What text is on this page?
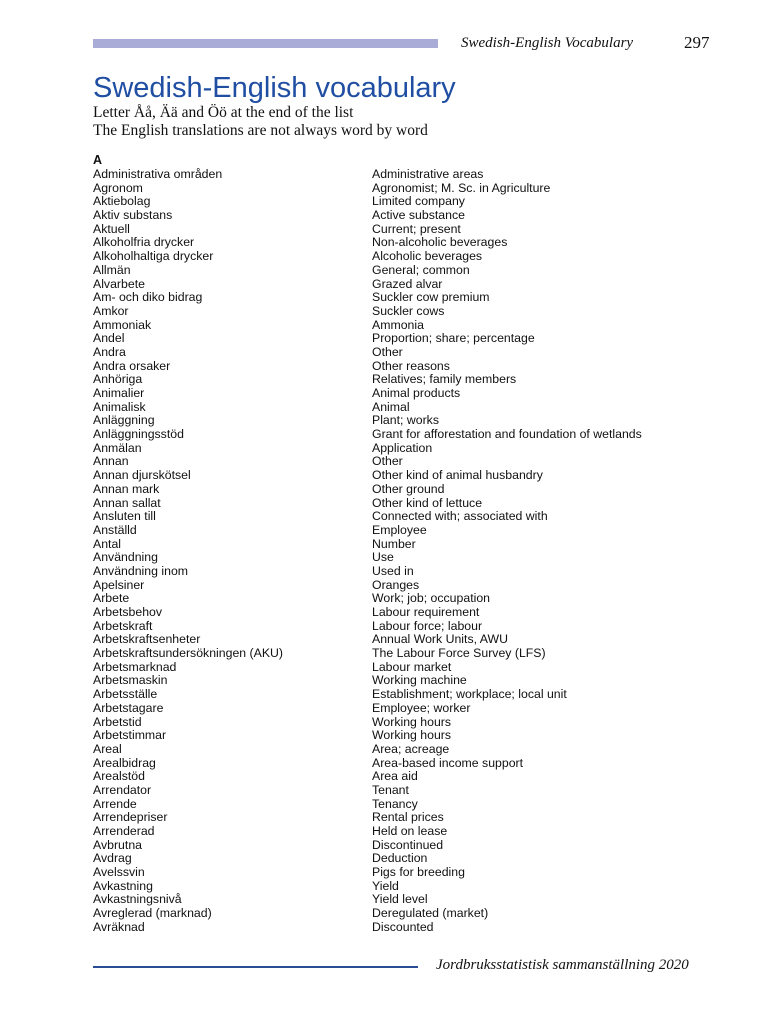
Swedish-English Vocabulary	297
Swedish-English vocabulary
Letter Åå, Ää and Öö at the end of the list
The English translations are not always word by word
A
Administrativa områden	Administrative areas
Agronom	Agronomist; M. Sc. in Agriculture
Aktiebolag	Limited company
Aktiv substans	Active substance
Aktuell	Current; present
Alkoholfria drycker	Non-alcoholic beverages
Alkoholhaltiga drycker	Alcoholic beverages
Allmän	General; common
Alvarbete	Grazed alvar
Am- och diko bidrag	Suckler cow premium
Amkor	Suckler cows
Ammoniak	Ammonia
Andel	Proportion; share; percentage
Andra	Other
Andra orsaker	Other reasons
Anhöriga	Relatives; family members
Animalier	Animal products
Animalisk	Animal
Anläggning	Plant; works
Anläggningsstöd	Grant for afforestation and foundation of wetlands
Anmälan	Application
Annan	Other
Annan djurskötsel	Other kind of animal husbandry
Annan mark	Other ground
Annan sallat	Other kind of lettuce
Ansluten till	Connected with; associated with
Anställd	Employee
Antal	Number
Användning	Use
Användning inom	Used in
Apelsiner	Oranges
Arbete	Work; job; occupation
Arbetsbehov	Labour requirement
Arbetskraft	Labour force; labour
Arbetskraftsenheter	Annual Work Units, AWU
Arbetskraftsundersökningen (AKU)	The Labour Force Survey (LFS)
Arbetsmarknad	Labour market
Arbetsmaskin	Working machine
Arbetsställe	Establishment; workplace; local unit
Arbetstagare	Employee; worker
Arbetstid	Working hours
Arbetstimmar	Working hours
Areal	Area; acreage
Arealbidrag	Area-based income support
Arealstöd	Area aid
Arrendator	Tenant
Arrende	Tenancy
Arrendepriser	Rental prices
Arrenderad	Held on lease
Avbrutna	Discontinued
Avdrag	Deduction
Avelssvin	Pigs for breeding
Avkastning	Yield
Avkastningsnivå	Yield level
Avreglerad (marknad)	Deregulated (market)
Avräknad	Discounted
Jordbruksstatistisk sammanställning 2020
